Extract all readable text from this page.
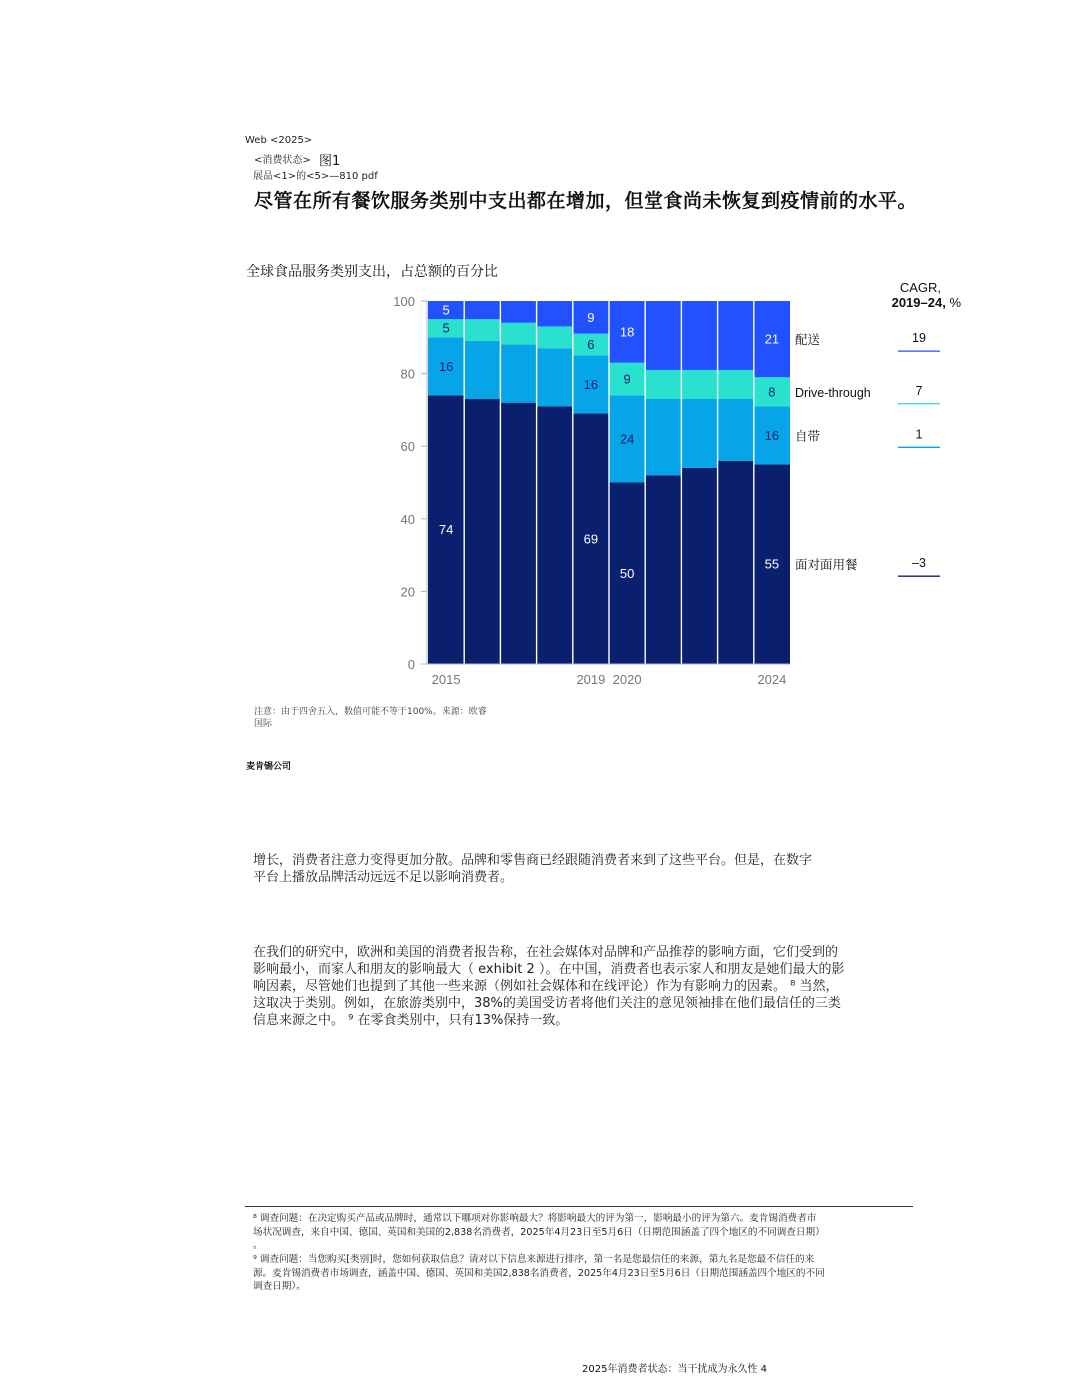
Web <2025>
<消费状态> 图1
展品<1>的<5>—810 pdf
尽管在所有餐饮服务类别中支出都在增加，但堂食尚未恢复到疫情前的水平。
全球食品服务类别支出，占总额的百分比
74
16
5
5
69
16
6
9
50
24
9
18
55
16
8
21
0
20
40
60
80
100
2015	2019 2020	2024
面对面用餐	–3
自带	1
Drive-through	7
配送	19
CAGR,
2019–24, %
注意：由于四舍五入，数值可能不等于100%。来源：欧睿
国际
麦肯锡公司
增长，消费者注意力变得更加分散。品牌和零售商已经跟随消费者来到了这些平台。但是，在数字
平台上播放品牌活动远远不足以影响消费者。
在我们的研究中，欧洲和美国的消费者报告称，在社会媒体对品牌和产品推荐的影响方面，它们受到的
影响最小，而家人和朋友的影响最大（ exhibit 2 ）。在中国，消费者也表示家人和朋友是她们最大的影
响因素，尽管她们也提到了其他一些来源（例如社会媒体和在线评论）作为有影响力的因素。 ⁸ 当然，
这取决于类别。例如，在旅游类别中，38%的美国受访者将他们关注的意见领袖排在他们最信任的三类
信息来源之中。 ⁹ 在零食类别中，只有13%保持一致。
⁸ 调查问题：在决定购买产品或品牌时，通常以下哪项对你影响最大？将影响最大的评为第一，影响最小的评为第六。麦肯锡消费者市
场状况调查，来自中国、德国、英国和美国的2,838名消费者，2025年4月23日至5月6日（日期范围涵盖了四个地区的不同调查日期）
。
⁹ 调查问题：当您购买[类别]时，您如何获取信息？请对以下信息来源进行排序，第一名是您最信任的来源，第九名是您最不信任的来
源。麦肯锡消费者市场调查，涵盖中国、德国、英国和美国2,838名消费者，2025年4月23日至5月6日（日期范围涵盖四个地区的不同
调查日期）。
2025年消费者状态：当干扰成为永久性 4
